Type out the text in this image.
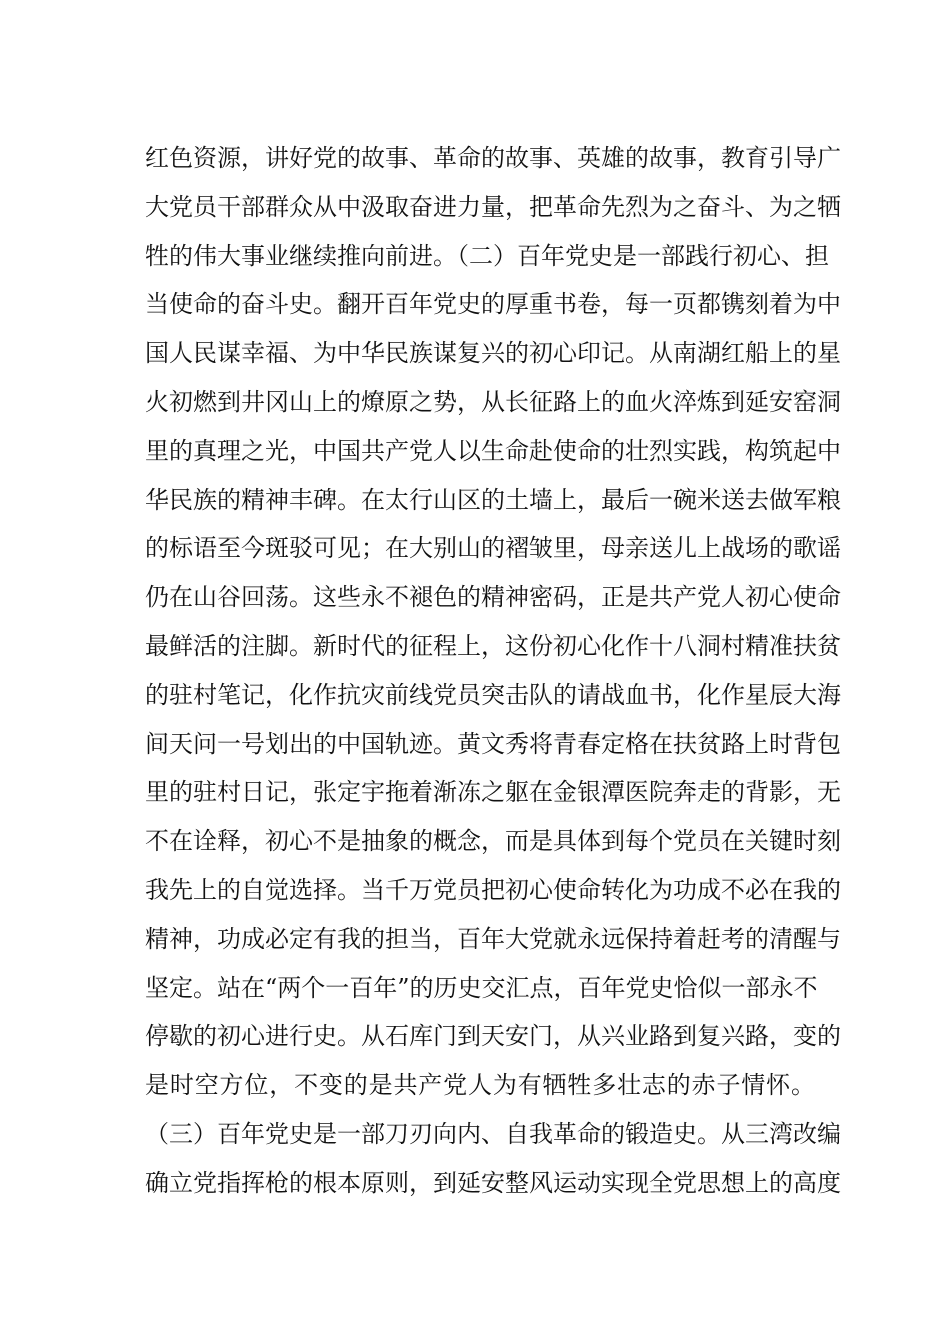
红色资源，讲好党的故事、革命的故事、英雄的故事，教育引导广
大党员干部群众从中汲取奋进力量，把革命先烈为之奋斗、为之牺
牲的伟大事业继续推向前进。（二）百年党史是一部践行初心、担
当使命的奋斗史。翻开百年党史的厚重书卷，每一页都镌刻着为中
国人民谋幸福、为中华民族谋复兴的初心印记。从南湖红船上的星
火初燃到井冈山上的燎原之势，从长征路上的血火淬炼到延安窑洞
里的真理之光，中国共产党人以生命赴使命的壮烈实践，构筑起中
华民族的精神丰碑。在太行山区的土墙上，最后一碗米送去做军粮
的标语至今斑驳可见；在大别山的褶皱里，母亲送儿上战场的歌谣
仍在山谷回荡。这些永不褪色的精神密码，正是共产党人初心使命
最鲜活的注脚。新时代的征程上，这份初心化作十八洞村精准扶贫
的驻村笔记，化作抗灾前线党员突击队的请战血书，化作星辰大海
间天问一号划出的中国轨迹。黄文秀将青春定格在扶贫路上时背包
里的驻村日记，张定宇拖着渐冻之躯在金银潭医院奔走的背影，无
不在诠释，初心不是抽象的概念，而是具体到每个党员在关键时刻
我先上的自觉选择。当千万党员把初心使命转化为功成不必在我的
精神，功成必定有我的担当，百年大党就永远保持着赶考的清醒与
坚定。站在“两个一百年”的历史交汇点，百年党史恰似一部永不
停歇的初心进行史。从石库门到天安门，从兴业路到复兴路，变的
是时空方位，不变的是共产党人为有牺牲多壮志的赤子情怀。
（三）百年党史是一部刀刃向内、自我革命的锻造史。从三湾改编
确立党指挥枪的根本原则，到延安整风运动实现全党思想上的高度
